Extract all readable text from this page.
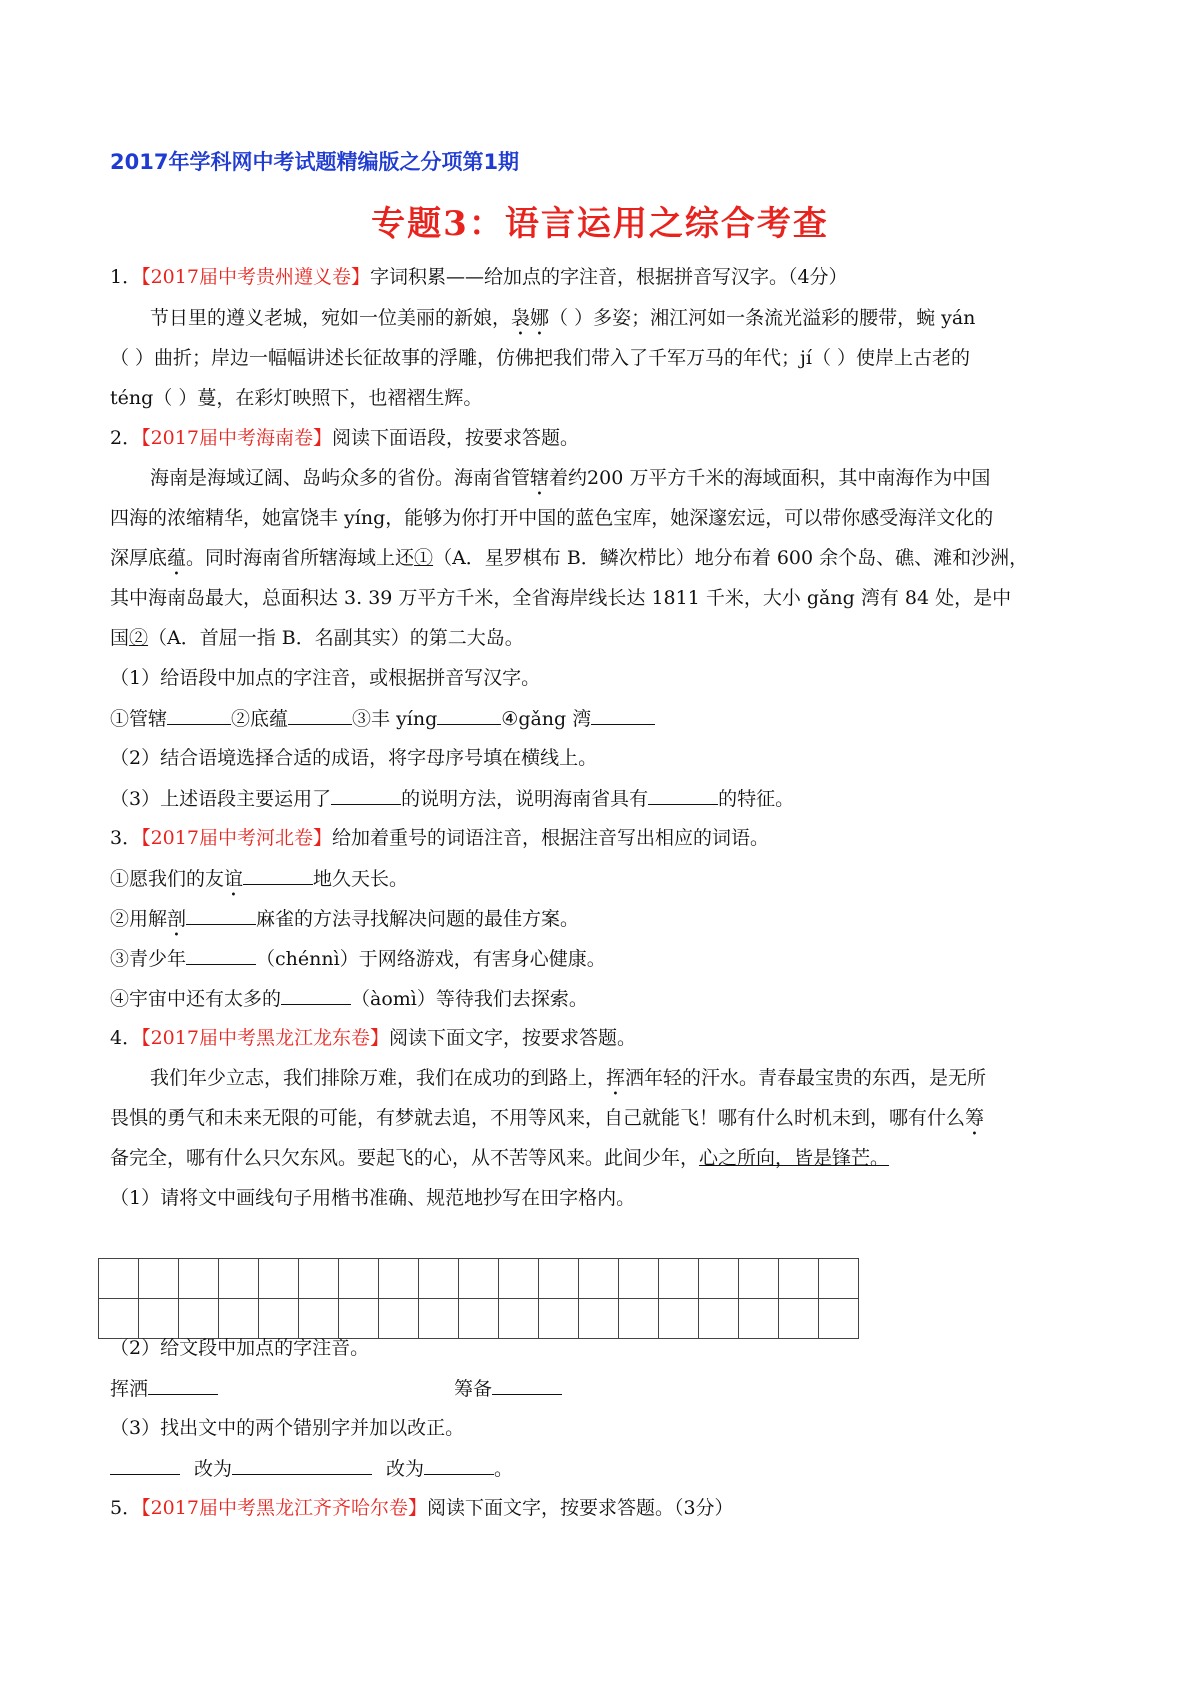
2017年学科网中考试题精编版之分项第1期
专题3：语言运用之综合考查
1．【2017届中考贵州遵义卷】字词积累——给加点的字注音，根据拼音写汉字。（4分）
节日里的遵义老城，宛如一位美丽的新娘，袅娜（ ）多姿；湘江河如一条流光溢彩的腰带，蜿 yán
（ ）曲折；岸边一幅幅讲述长征故事的浮雕，仿佛把我们带入了千军万马的年代；jí（ ）使岸上古老的
téng（ ）蔓，在彩灯映照下，也褶褶生辉。
2．【2017届中考海南卷】阅读下面语段，按要求答题。
海南是海域辽阔、岛屿众多的省份。海南省管辖着约200 万平方千米的海域面积，其中南海作为中国
四海的浓缩精华，她富饶丰 yíng，能够为你打开中国的蓝色宝库，她深邃宏远，可以带你感受海洋文化的
深厚底蕴。同时海南省所辖海域上还①（A．星罗棋布 B．鳞次栉比）地分布着 600 余个岛、礁、滩和沙洲，
其中海南岛最大，总面积达 3. 39 万平方千米，全省海岸线长达 1811 千米，大小 gǎng 湾有 84 处，是中
国②（A．首屈一指 B．名副其实）的第二大岛。
（1）给语段中加点的字注音，或根据拼音写汉字。
①管辖	②底蕴	③丰 yíng	④gǎng 湾
（2）结合语境选择合适的成语，将字母序号填在横线上。
（3）上述语段主要运用了	的说明方法，说明海南省具有	的特征。
3．【2017届中考河北卷】给加着重号的词语注音，根据注音写出相应的词语。
①愿我们的友谊	地久天长。
②用解剖	麻雀的方法寻找解决问题的最佳方案。
③青少年	（chénnì）于网络游戏，有害身心健康。
④宇宙中还有太多的	（àomì）等待我们去探索。
4．【2017届中考黑龙江龙东卷】阅读下面文字，按要求答题。
我们年少立志，我们排除万难，我们在成功的到路上，挥洒年轻的汗水。青春最宝贵的东西，是无所
畏惧的勇气和未来无限的可能，有梦就去追，不用等风来，自己就能飞！哪有什么时机未到，哪有什么筹
备完全，哪有什么只欠东风。要起飞的心，从不苦等风来。此间少年，心之所向，皆是锋芒。
（1）请将文中画线句子用楷书准确、规范地抄写在田字格内。

（2）给文段中加点的字注音。
挥洒	筹备
（3）找出文中的两个错别字并加以改正。
改为	改为	。
5．【2017届中考黑龙江齐齐哈尔卷】阅读下面文字，按要求答题。（3分）
